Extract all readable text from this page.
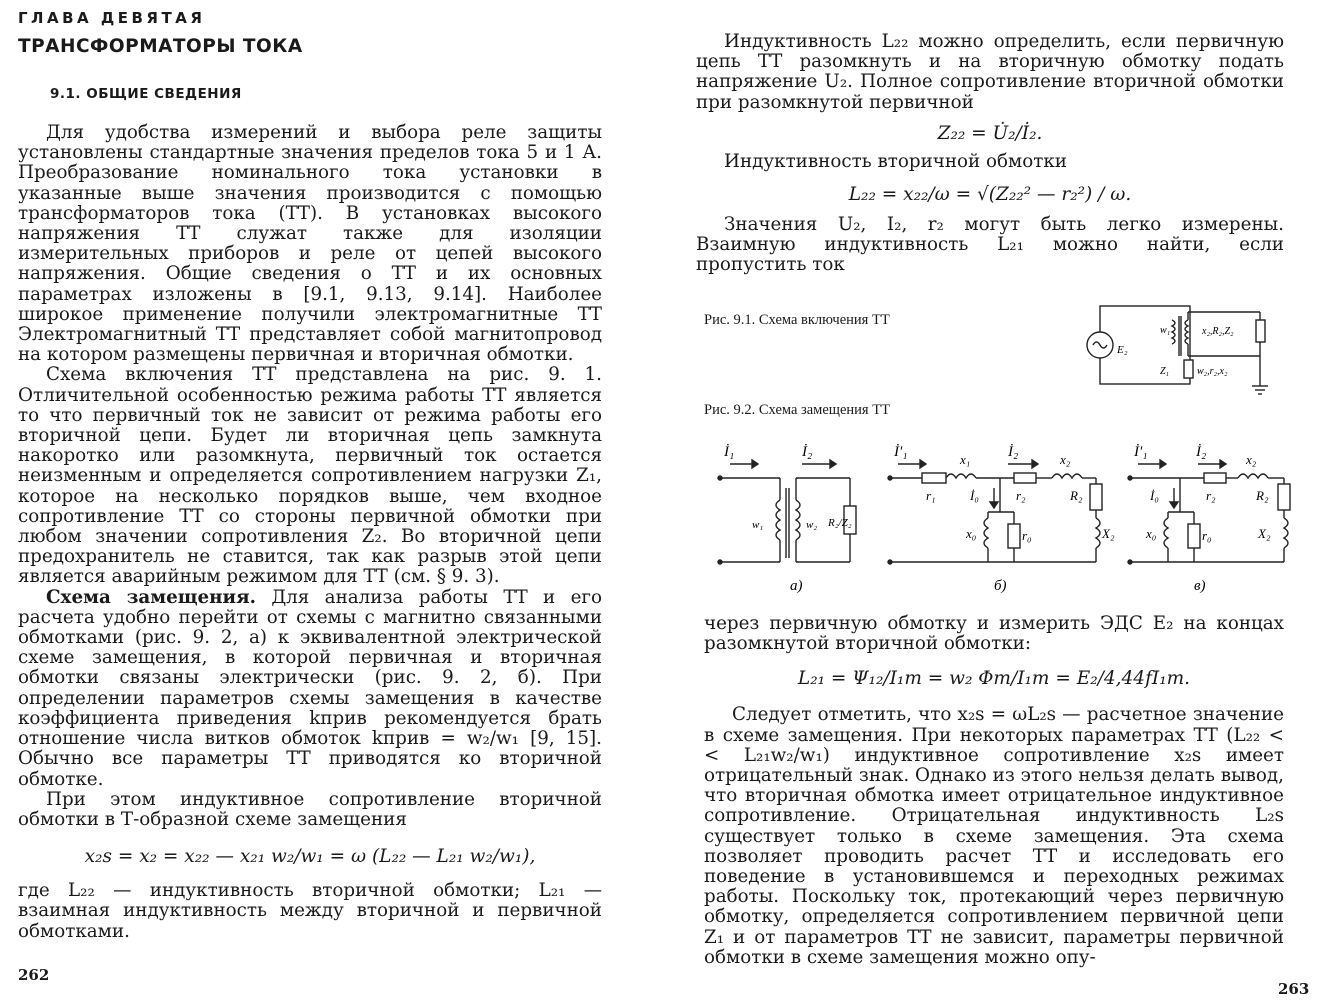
ГЛАВА ДЕВЯТАЯ
ТРАНСФОРМАТОРЫ ТОКА
9.1. ОБЩИЕ СВЕДЕНИЯ

Для удобства измерений и выбора реле защиты установлены стандартные значения пределов тока 5 и 1 А. Преобразование номинального тока установки в указанные выше значения производится с помощью трансформаторов тока (ТТ). В установках высокого напряжения ТТ служат также для изоляции измерительных приборов и реле от цепей высокого напряжения. Общие сведения о ТТ и их основных параметрах изложены в [9.1, 9.13, 9.14]. Наиболее широкое применение получили электромагнитные ТТ Электромагнитный ТТ представляет собой магнитопровод на котором размещены первичная и вторичная обмотки.

Схема включения ТТ представлена на рис. 9. 1. Отличительной особенностью режима работы ТТ является то что первичный ток не зависит от режима работы его вторичной цепи. Будет ли вторичная цепь замкнута накоротко или разомкнута, первичный ток остается неизменным и определяется сопротивлением нагрузки Z₁, которое на несколько порядков выше, чем входное сопротивление ТТ со стороны первичной обмотки при любом значении сопротивления Z₂. Во вторичной цепи предохранитель не ставится, так как разрыв этой цепи является аварийным режимом для ТТ (см. § 9. 3).

Схема замещения. Для анализа работы ТТ и его расчета удобно перейти от схемы с магнитно связанными обмотками (рис. 9. 2, а) к эквивалентной электрической схеме замещения, в которой первичная и вторичная обмотки связаны электрически (рис. 9. 2, б). При определении параметров схемы замещения в качестве коэффициента приведения kприв рекомендуется брать отношение числа витков обмоток kприв = w₂/w₁ [9, 15]. Обычно все параметры ТТ приводятся ко вторичной обмотке.

При этом индуктивное сопротивление вторичной обмотки в Т-образной схеме замещения

x₂s = x₂ = x₂₂ — x₂₁ w₂/w₁ = ω (L₂₂ — L₂₁ w₂/w₁),

где L₂₂ — индуктивность вторичной обмотки; L₂₁ — взаимная индуктивность между вторичной и первичной обмотками.

262

Индуктивность L₂₂ можно определить, если первичную цепь ТТ разомкнуть и на вторичную обмотку подать напряжение U₂. Полное сопротивление вторичной обмотки при разомкнутой первичной

Z₂₂ = U̇₂/İ₂.

Индуктивность вторичной обмотки

L₂₂ = x₂₂/ω = √(Z₂₂² — r₂²) / ω.

Значения U₂, I₂, r₂ могут быть легко измерены. Взаимную индуктивность L₂₁ можно найти, если пропустить ток

Рис. 9.1. Схема включения ТТ
E₂
w₁
Z₁
x₂,R₂,Z₂
w₂,r₂,x₂
Рис. 9.2. Схема замещения ТТ
İ₁	İ₂
w₁	w₂ R₂/Z₂
а)
İ'₁	İ₂
x₁
r₁	İ₀	r₂
x₂
R₂
X₂
x₀	r₀
б)
İ'₁	İ₂
İ₀	r₂
x₂
R₂
X₂
x₀	r₀
в)

через первичную обмотку и измерить ЭДС E₂ на концах разомкнутой вторичной обмотки:

L₂₁ = Ψ₁₂/I₁m = w₂ Φm/I₁m = E₂/4,44fI₁m.

Следует отметить, что x₂s = ωL₂s — расчетное значение в схеме замещения. При некоторых параметрах ТТ (L₂₂ < < L₂₁w₂/w₁) индуктивное сопротивление x₂s имеет отрицательный знак. Однако из этого нельзя делать вывод, что вторичная обмотка имеет отрицательное индуктивное сопротивление. Отрицательная индуктивность L₂s существует только в схеме замещения. Эта схема позволяет проводить расчет ТТ и исследовать его поведение в установившемся и переходных режимах работы. Поскольку ток, протекающий через первичную обмотку, определяется сопротивлением первичной цепи Z₁ и от параметров ТТ не зависит, параметры первичной обмотки в схеме замещения можно опу-

263
